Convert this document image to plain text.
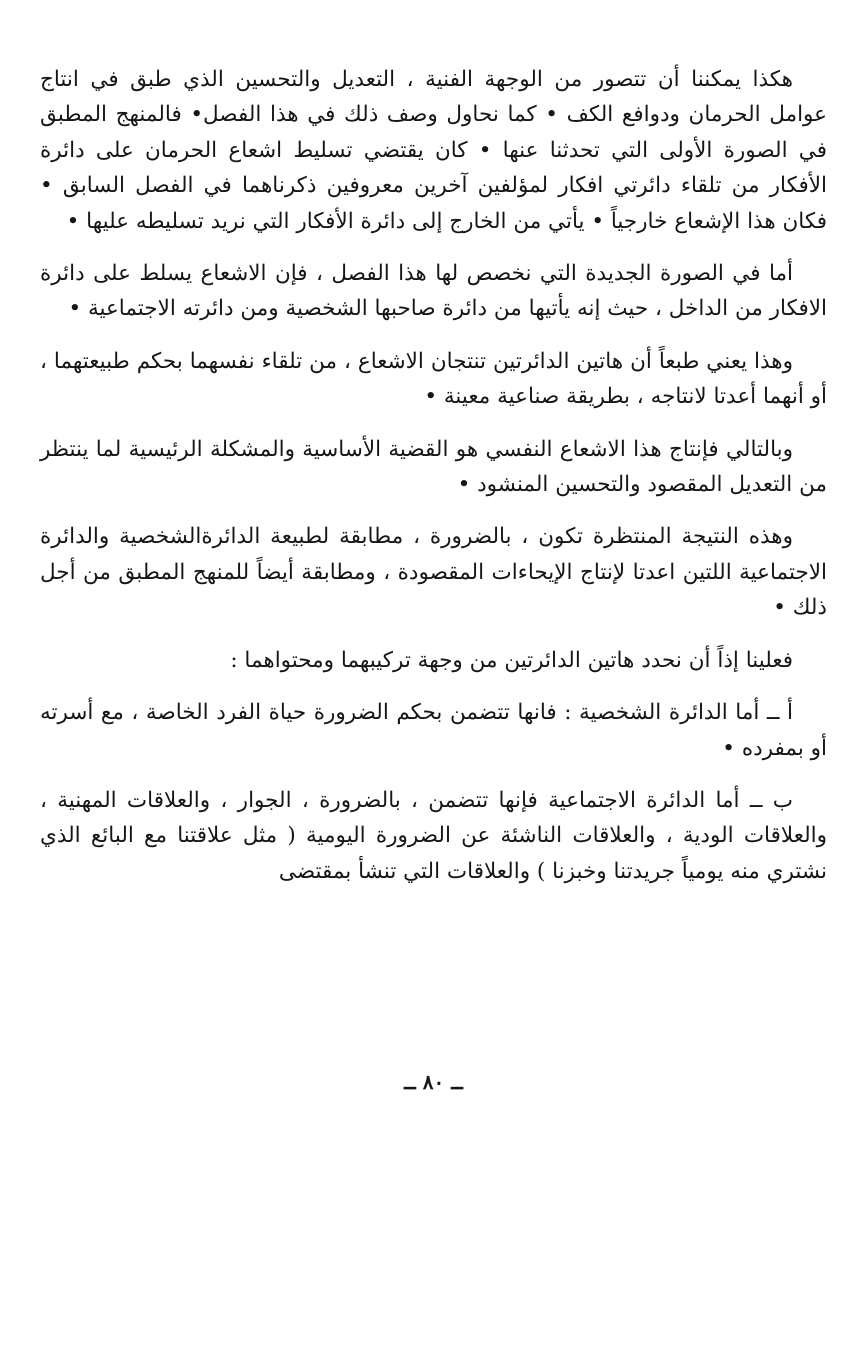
هكذا يمكننا أن تتصور من الوجهة الفنية ، التعديل والتحسين الذي طبق في انتاج عوامل الحرمان ودوافع الكف • كما نحاول وصف ذلك في هذا الفصل• فالمنهج المطبق في الصورة الأولى التي تحدثنا عنها • كان يقتضي تسليط اشعاع الحرمان على دائرة الأفكار من تلقاء دائرتي افكار لمؤلفين آخرين معروفين ذكرناهما في الفصل السابق • فكان هذا الإشعاع خارجياً • يأتي من الخارج إلى دائرة الأفكار التي نريد تسليطه عليها •

أما في الصورة الجديدة التي نخصص لها هذا الفصل ، فإن الاشعاع يسلط على دائرة الافكار من الداخل ، حيث إنه يأتيها من دائرة صاحبها الشخصية ومن دائرته الاجتماعية •

وهذا يعني طبعاً أن هاتين الدائرتين تنتجان الاشعاع ، من تلقاء نفسهما بحكم طبيعتهما ، أو أنهما أعدتا لانتاجه ، بطريقة صناعية معينة •

وبالتالي فإنتاج هذا الاشعاع النفسي هو القضية الأساسية والمشكلة الرئيسية لما ينتظر من التعديل المقصود والتحسين المنشود •

وهذه النتيجة المنتظرة تكون ، بالضرورة ، مطابقة لطبيعة الدائرةالشخصية والدائرة الاجتماعية اللتين اعدتا لإنتاج الإيحاءات المقصودة ، ومطابقة أيضاً للمنهج المطبق من أجل ذلك •

فعلينا إذاً أن نحدد هاتين الدائرتين من وجهة تركيبهما ومحتواهما :

أ ــ أما الدائرة الشخصية : فانها تتضمن بحكم الضرورة حياة الفرد الخاصة ، مع أسرته أو بمفرده •

ب ــ أما الدائرة الاجتماعية فإنها تتضمن ، بالضرورة ، الجوار ، والعلاقات المهنية ، والعلاقات الودية ، والعلاقات الناشئة عن الضرورة اليومية ( مثل علاقتنا مع البائع الذي نشتري منه يومياً جريدتنا وخبزنا ) والعلاقات التي تنشأ بمقتضى

ــ ٨٠ ــ
